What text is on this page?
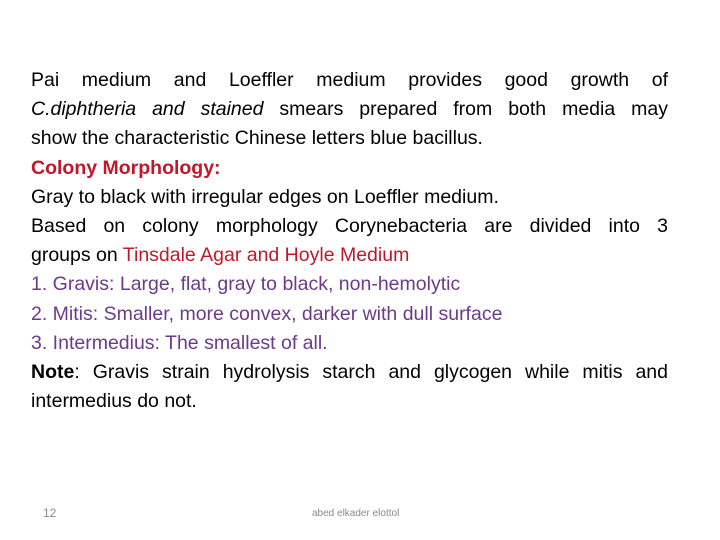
Pai medium and Loeffler medium provides good growth of
C.diphtheria and stained smears prepared from both media may
show the characteristic Chinese letters blue bacillus.
Colony Morphology:
Gray to black with irregular edges on Loeffler medium.
Based on colony morphology Corynebacteria are divided into 3
groups on Tinsdale Agar and Hoyle Medium
1. Gravis: Large, flat, gray to black, non-hemolytic
2. Mitis: Smaller, more convex, darker with dull surface
3. Intermedius: The smallest of all.
Note: Gravis strain hydrolysis starch and glycogen while mitis and
intermedius do not.
12	abed elkader elottol
